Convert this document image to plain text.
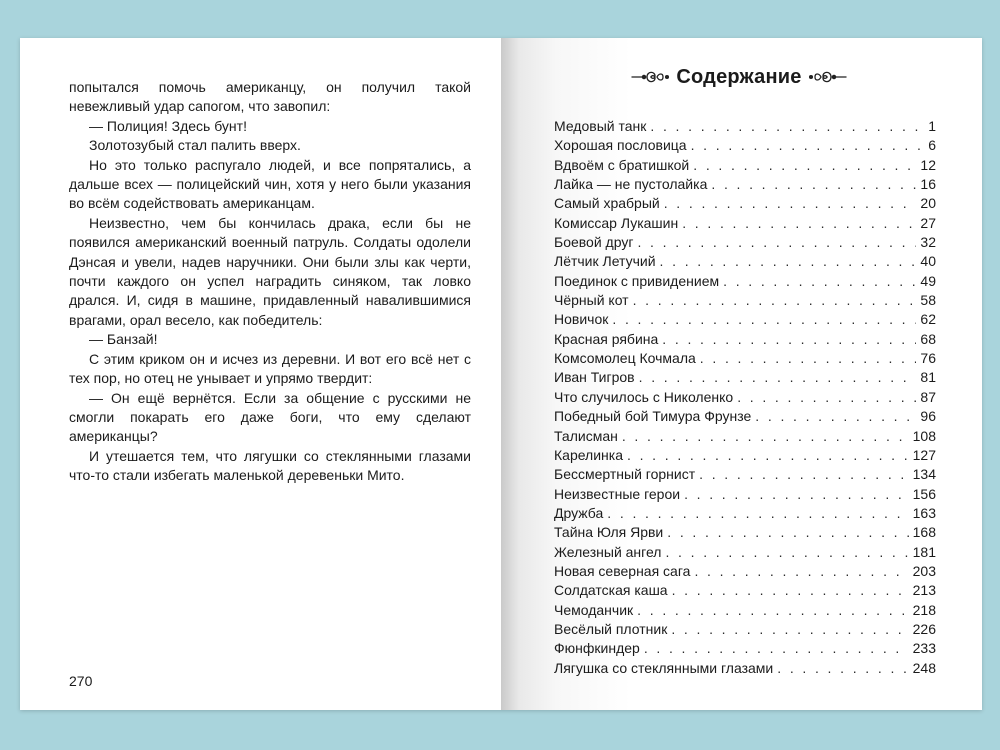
попытался помочь американцу, он получил такой невежливый удар сапогом, что завопил:

— Полиция! Здесь бунт!

Золотозубый стал палить вверх.

Но это только распугало людей, и все попрятались, а дальше всех — полицейский чин, хотя у него были указания во всём содействовать американцам.

Неизвестно, чем бы кончилась драка, если бы не появился американский военный патруль. Солдаты одолели Дэнсая и увели, надев наручники. Они были злы как черти, почти каждого он успел наградить синяком, так ловко дрался. И, сидя в машине, придавленный навалившимися врагами, орал весело, как победитель:

— Банзай!

С этим криком он и исчез из деревни. И вот его всё нет с тех пор, но отец не унывает и упрямо твердит:

— Он ещё вернётся. Если за общение с русскими не смогли покарать его даже боги, что ему сделают американцы?

И утешается тем, что лягушки со стеклянными глазами что-то стали избегать маленькой деревеньки Мито.

270
Содержание
Медовый танк . . .	1
Хорошая пословица . . .	6
Вдвоём с братишкой . . .	12
Лайка — не пустолайка . . .	16
Самый храбрый . . .	20
Комиссар Лукашин . . .	27
Боевой друг . . .	32
Лётчик Летучий . . .	40
Поединок с привидением . . .	49
Чёрный кот . . .	58
Новичок . . .	62
Красная рябина . . .	68
Комсомолец Кочмала . . .	76
Иван Тигров . . .	81
Что случилось с Николенко . . .	87
Победный бой Тимура Фрунзе . . .	96
Талисман . . .	108
Карелинка . . .	127
Бессмертный горнист . . .	134
Неизвестные герои . . .	156
Дружба . . .	163
Тайна Юля Ярви . . .	168
Железный ангел . . .	181
Новая северная сага . . .	203
Солдатская каша . . .	213
Чемоданчик . . .	218
Весёлый плотник . . .	226
Фюнфкиндер . . .	233
Лягушка со стеклянными глазами . . .	248
